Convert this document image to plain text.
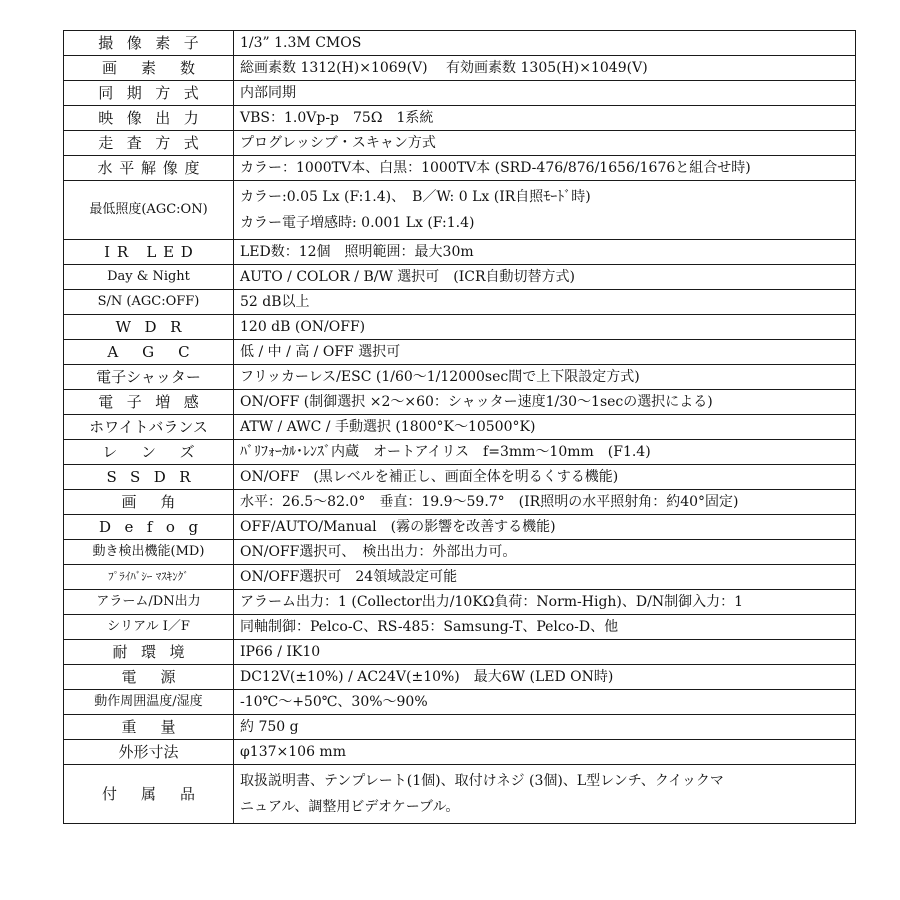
撮像素子	1/3” 1.3M CMOS
画素数	総画素数 1312(H)×1069(V)　 有効画素数 1305(H)×1049(V)
同期方式	内部同期
映像出力	VBS：1.0Vp-p　75Ω　1系統
走査方式	プログレッシブ・スキャン方式
水平解像度	カラー：1000TV本、白黒：1000TV本 (SRD-476/876/1656/1676と組合せ時)
最低照度(AGC:ON)	カラー:0.05 Lx (F:1.4)、　B／W: 0 Lx (IR自照ﾓｰﾄﾞ時)
カラー電子増感時: 0.001 Lx (F:1.4)

IR LED	LED数：12個　照明範囲：最大30m
Day & Night	AUTO / COLOR / B/W 選択可　(ICR自動切替方式)
S/N (AGC:OFF)	52 dB以上
WDR	120 dB (ON/OFF)
AGC	低 / 中 / 高 / OFF 選択可
電子シャッター	フリッカーレス/ESC (1/60～1/12000sec間で上下限設定方式)
電子増感	ON/OFF (制御選択 ×2～×60：シャッター速度1/30～1secの選択による)
ホワイトバランス	ATW / AWC / 手動選択 (1800°K～10500°K)
レンズ	ﾊﾞﾘﾌｫｰｶﾙ･ﾚﾝｽﾞ内蔵　オートアイリス　f=3mm～10mm　(F1.4)
SSDR	ON/OFF　(黒レベルを補正し、画面全体を明るくする機能)
画角	水平：26.5～82.0°　垂直：19.9～59.7°　(IR照明の水平照射角：約40°固定)
Defog	OFF/AUTO/Manual　(霧の影響を改善する機能)
動き検出機能(MD)	ON/OFF選択可、　検出出力：外部出力可。
ﾌﾟﾗｲﾊﾞｼｰ ﾏｽｷﾝｸﾞ	ON/OFF選択可　24領域設定可能
アラーム/DN出力	アラーム出力：1 (Collector出力/10KΩ負荷：Norm-High)、D/N制御入力：1
シリアル I／F	同軸制御：Pelco-C、RS-485：Samsung-T、Pelco-D、他
耐環境	IP66 / IK10
電源	DC12V(±10%) / AC24V(±10%)　最大6W (LED ON時)
動作周囲温度/湿度	-10℃～+50℃、30%～90%
重量	約 750 g
外形寸法	φ137×106 mm
付属品	取扱説明書、テンプレート(1個)、取付けネジ (3個)、L型レンチ、クイックマ
ニュアル、調整用ビデオケーブル。
